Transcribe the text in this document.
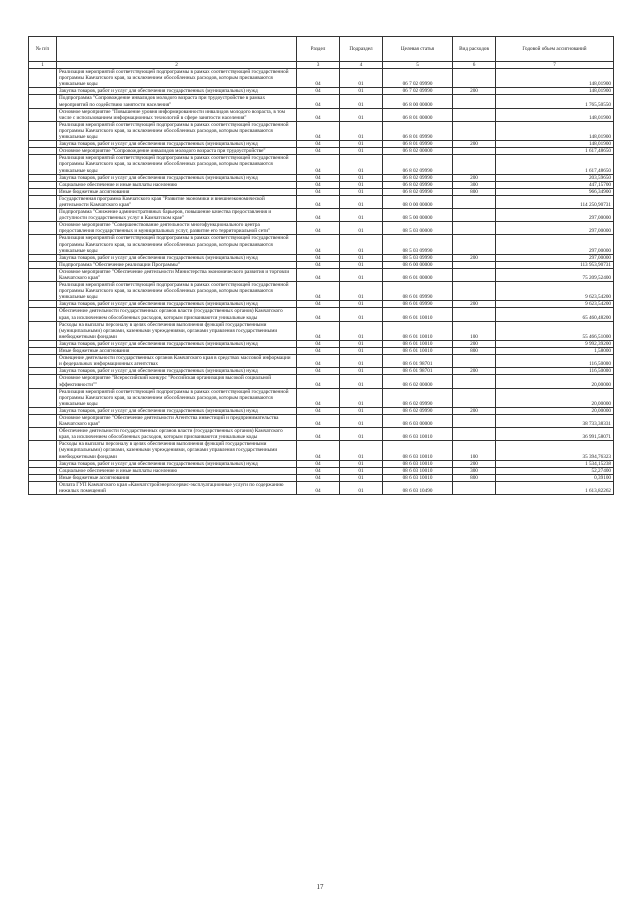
№ п/п		Раздел	Подраздел	Целевая статья	Вид расходов	Годовой объем ассигнований
1	2	3	4	5	6	7
	Реализация мероприятий соответствующей подпрограммы в рамках соответствующей государственной программы Камчатского края, за исключением обособленных расходов, которым присваиваются уникальные коды	04	01	06 7 02 09990		148,01900
	Закупка товаров, работ и услуг для обеспечения государственных (муниципальных) нужд	04	01	06 7 02 09990	200	148,01900
	Подпрограмма "Сопровождение инвалидов молодого возраста при трудоустройстве в рамках мероприятий по содействию занятости населения"	04	01	06 8 00 00000		1 765,50550
	Основное мероприятие "Повышение уровня информированности инвалидов молодого возраста, в том числе с использованием информационных технологий в сфере занятости населения"	04	01	06 8 01 00000		148,01900
	Реализация мероприятий соответствующей подпрограммы в рамках соответствующей государственной программы Камчатского края, за исключением обособленных расходов, которым присваиваются уникальные коды	04	01	06 8 01 09990		148,01900
	Закупка товаров, работ и услуг для обеспечения государственных (муниципальных) нужд	04	01	06 8 01 09990	200	148,01900
	Основное мероприятие "Сопровождение инвалидов молодого возраста при трудоустройстве"	04	01	06 8 02 00000		1 617,48650
	Реализация мероприятий соответствующей подпрограммы в рамках соответствующей государственной программы Камчатского края, за исключением обособленных расходов, которым присваиваются уникальные коды	04	01	06 8 02 09990		1 617,48650
	Закупка товаров, работ и услуг для обеспечения государственных (муниципальных) нужд	04	01	06 8 02 09990	200	203,59650
	Социальное обеспечение и иные выплаты населению	04	01	06 8 02 09990	300	447,15700
	Иные бюджетные ассигнования	04	01	06 8 02 09990	800	966,34900
	Государственная программа Камчатского края "Развитие экономики и внешнеэкономической деятельности Камчатского края"	04	01	08 0 00 00000		114 250,90731
	Подпрограмма "Снижение административных барьеров, повышение качества предоставления и доступности государственных услуг в Камчатском крае"	04	01	08 5 00 00000		297,00000
	Основное мероприятие "Совершенствование деятельности многофункционального центра предоставления государственных и муниципальных услуг, развитие его территориальной сети"	04	01	08 5 03 00000		297,00000
	Реализация мероприятий соответствующей подпрограммы в рамках соответствующей государственной программы Камчатского края, за исключением обособленных расходов, которым присваиваются уникальные коды	04	01	08 5 03 09990		297,00000
	Закупка товаров, работ и услуг для обеспечения государственных (муниципальных) нужд	04	01	08 5 03 09990	200	297,00000
	Подпрограмма "Обеспечение реализации Программы"	04	01	08 6 00 00000		113 953,90731
	Основное мероприятие "Обеспечение деятельности Министерства экономического развития и торговли Камчатского края"	04	01	08 6 01 00000		75 209,52400
	Реализация мероприятий соответствующей подпрограммы в рамках соответствующей государственной программы Камчатского края, за исключением обособленных расходов, которым присваиваются уникальные коды	04	01	08 6 01 09990		9 623,54200
	Закупка товаров, работ и услуг для обеспечения государственных (муниципальных) нужд	04	01	08 6 01 09990	200	9 623,54200
	Обеспечение деятельности государственных органов власти (государственных органов) Камчатского края, за исключением обособленных расходов, которым присваиваются уникальные коды	04	01	08 6 01 10010		65 460,48200
	Расходы на выплаты персоналу в целях обеспечения выполнения функций государственными (муниципальными) органами, казенными учреждениями, органами управления государственными внебюджетными фондами	04	01	08 6 01 10010	100	55 466,51000
	Закупка товаров, работ и услуг для обеспечения государственных (муниципальных) нужд	04	01	08 6 01 10010	200	9 992,39200
	Иные бюджетные ассигнования	04	01	08 6 01 10010	800	1,58000
	Освещение деятельности государственных органов Камчатского края в средствах массовой информации и федеральных информационных агентствах	04	01	08 6 01 98701		116,50000
	Закупка товаров, работ и услуг для обеспечения государственных (муниципальных) нужд	04	01	08 6 01 98701	200	116,50000
	Основное мероприятие "Всероссийский конкурс "Российская организация высокой социальной эффективности""	04	01	08 6 02 00000		20,00000
	Реализация мероприятий соответствующей подпрограммы в рамках соответствующей государственной программы Камчатского края, за исключением обособленных расходов, которым присваиваются уникальные коды	04	01	08 6 02 09990		20,00000
	Закупка товаров, работ и услуг для обеспечения государственных (муниципальных) нужд	04	01	08 6 02 09990	200	20,00000
	Основное мероприятие "Обеспечение деятельности Агентства инвестиций и предпринимательства Камчатского края"	04	01	08 6 03 00000		38 733,38331
	Обеспечение деятельности государственных органов власти (государственных органов) Камчатского края, за исключением обособленных расходов, которым присваиваются уникальные коды	04	01	08 6 03 10010		36 991,58071
	Расходы на выплаты персоналу в целях обеспечения выполнения функций государственными (муниципальными) органами, казенными учреждениями, органами управления государственными внебюджетными фондами	04	01	08 6 03 10010	100	35 394,76323
	Закупка товаров, работ и услуг для обеспечения государственных (муниципальных) нужд	04	01	08 6 03 10010	200	1 534,15238
	Социальное обеспечение и иные выплаты населению	04	01	08 6 03 10010	300	52,27400
	Иные бюджетные ассигнования	04	01	08 6 03 10010	800	0,39100
	Оплата ГУП Камчатского края «Камчатстройэнергосервис-эксплуатационные услуги по содержанию нежилых помещений	04	01	08 6 03 10490		1 613,82262
17
